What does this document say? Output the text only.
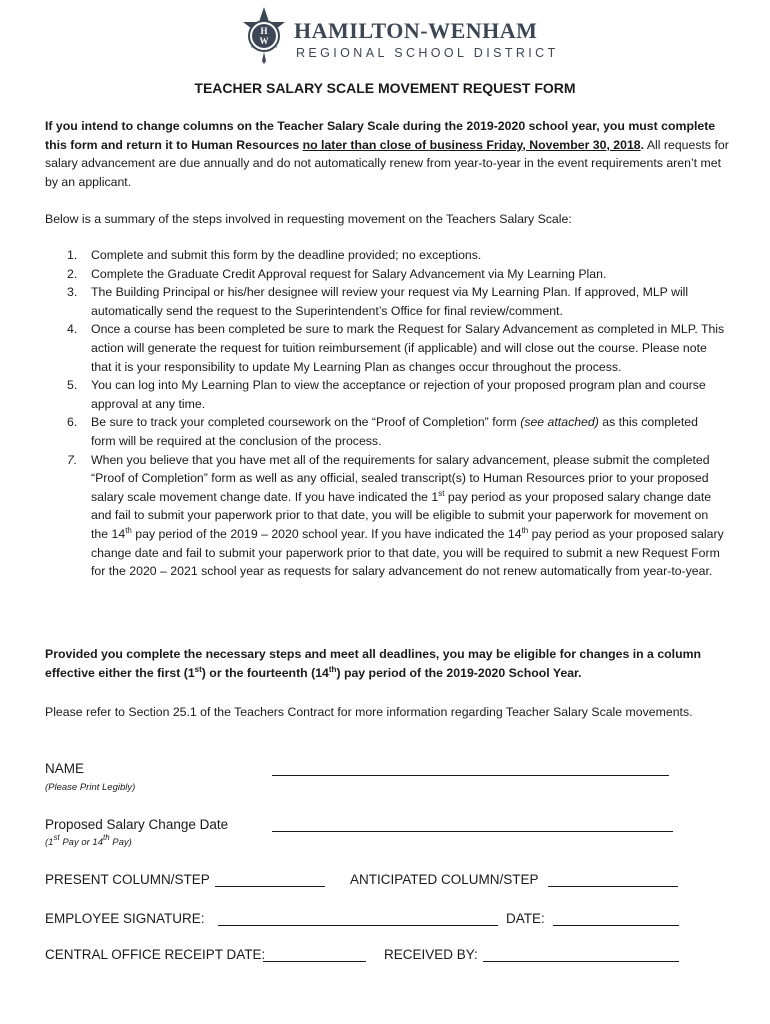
H
W HAMILTON-WENHAM
REGIONAL SCHOOL DISTRICT
TEACHER SALARY SCALE MOVEMENT REQUEST FORM
If you intend to change columns on the Teacher Salary Scale during the 2019-2020 school year, you must complete this form and return it to Human Resources no later than close of business Friday, November 30, 2018. All requests for salary advancement are due annually and do not automatically renew from year-to-year in the event requirements aren’t met by an applicant.
Below is a summary of the steps involved in requesting movement on the Teachers Salary Scale:
1. Complete and submit this form by the deadline provided; no exceptions.
2. Complete the Graduate Credit Approval request for Salary Advancement via My Learning Plan.
3. The Building Principal or his/her designee will review your request via My Learning Plan. If approved, MLP will automatically send the request to the Superintendent’s Office for final review/comment.
4. Once a course has been completed be sure to mark the Request for Salary Advancement as completed in MLP. This action will generate the request for tuition reimbursement (if applicable) and will close out the course. Please note that it is your responsibility to update My Learning Plan as changes occur throughout the process.
5. You can log into My Learning Plan to view the acceptance or rejection of your proposed program plan and course approval at any time.
6. Be sure to track your completed coursework on the “Proof of Completion” form (see attached) as this completed form will be required at the conclusion of the process.
7. When you believe that you have met all of the requirements for salary advancement, please submit the completed “Proof of Completion” form as well as any official, sealed transcript(s) to Human Resources prior to your proposed salary scale movement change date. If you have indicated the 1st pay period as your proposed salary change date and fail to submit your paperwork prior to that date, you will be eligible to submit your paperwork for movement on the 14th pay period of the 2019 – 2020 school year. If you have indicated the 14th pay period as your proposed salary change date and fail to submit your paperwork prior to that date, you will be required to submit a new Request Form for the 2020 – 2021 school year as requests for salary advancement do not renew automatically from year-to-year.
Provided you complete the necessary steps and meet all deadlines, you may be eligible for changes in a column effective either the first (1st) or the fourteenth (14th) pay period of the 2019-2020 School Year.
Please refer to Section 25.1 of the Teachers Contract for more information regarding Teacher Salary Scale movements.
NAME
(Please Print Legibly)
Proposed Salary Change Date
(1st Pay or 14th Pay)
PRESENT COLUMN/STEP	ANTICIPATED COLUMN/STEP
EMPLOYEE SIGNATURE:	DATE:
CENTRAL OFFICE RECEIPT DATE:	RECEIVED BY:
